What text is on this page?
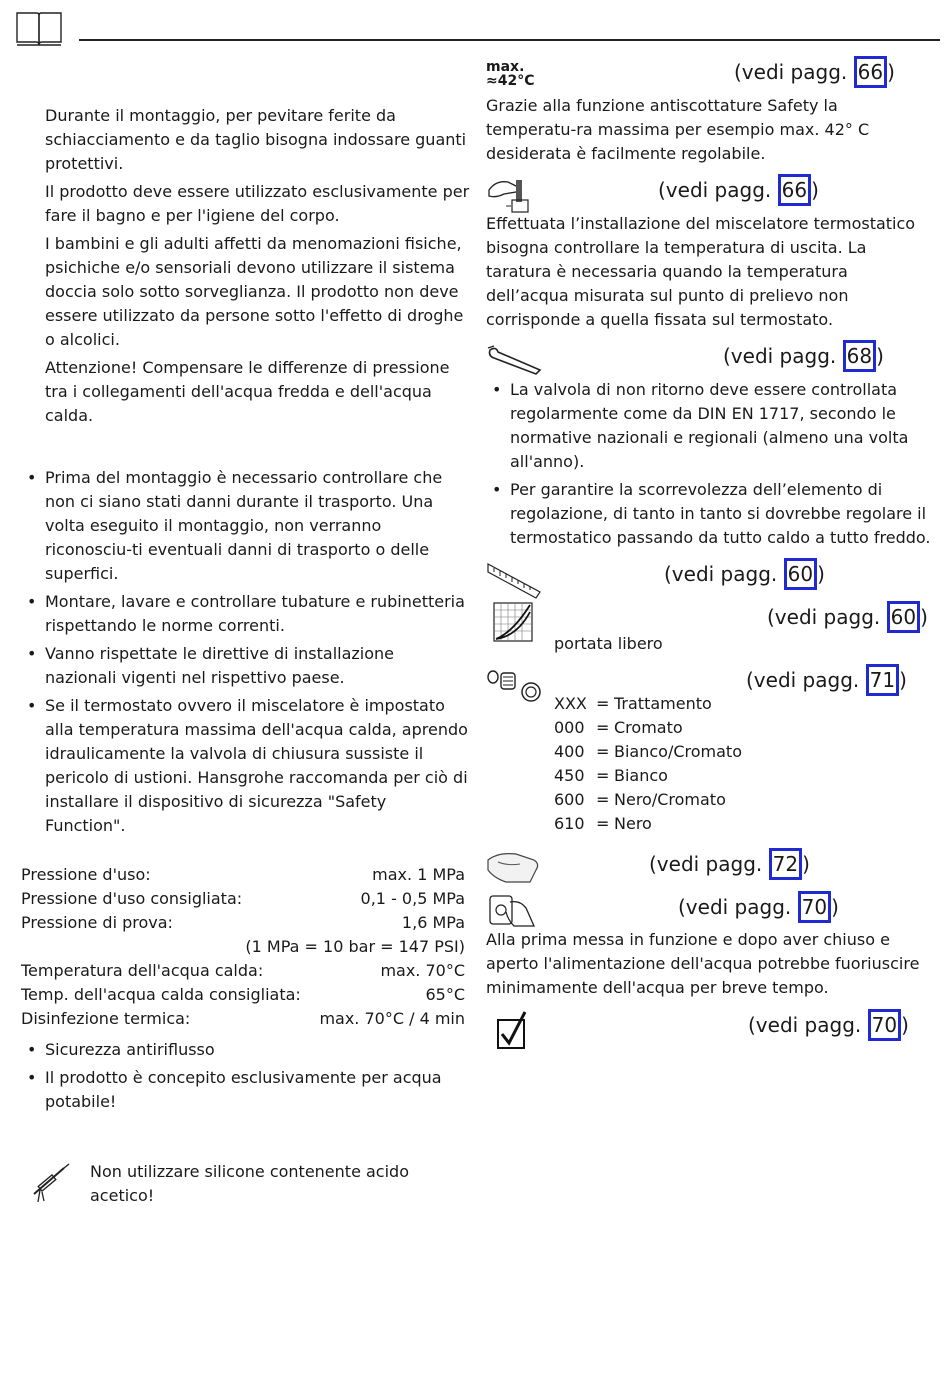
Durante il montaggio, per pevitare ferite da schiacciamento e da taglio bisogna indossare guanti protettivi.

Il prodotto deve essere utilizzato esclusivamente per fare il bagno e per l'igiene del corpo.

I bambini e gli adulti affetti da menomazioni fisiche, psichiche e/o sensoriali devono utilizzare il sistema doccia solo sotto sorveglianza. Il prodotto non deve essere utilizzato da persone sotto l'effetto di droghe o alcolici.

Attenzione! Compensare le differenze di pressione tra i collegamenti dell'acqua fredda e dell'acqua calda.

• Prima del montaggio è necessario controllare che non ci siano stati danni durante il trasporto. Una volta eseguito il montaggio, non verranno riconosciu-ti eventuali danni di trasporto o delle superfici.
• Montare, lavare e controllare tubature e rubinetteria rispettando le norme correnti.
• Vanno rispettate le direttive di installazione nazionali vigenti nel rispettivo paese.
• Se il termostato ovvero il miscelatore è impostato alla temperatura massima dell'acqua calda, aprendo idraulicamente la valvola di chiusura sussiste il pericolo di ustioni. Hansgrohe raccomanda per ciò di installare il dispositivo di sicurezza "Safety Function".
Pressione d'uso:	max. 1 MPa
Pressione d'uso consigliata:	0,1 - 0,5 MPa
Pressione di prova:	1,6 MPa
(1 MPa = 10 bar = 147 PSI)
Temperatura dell'acqua calda:	max. 70°C
Temp. dell'acqua calda consigliata:	65°C
Disinfezione termica:	max. 70°C / 4 min
• Sicurezza antiriflusso
• Il prodotto è concepito esclusivamente per acqua potabile!
Non utilizzare silicone contenente acido acetico!
max.
≈42°C	(vedi pagg. 66 )
Grazie alla funzione antiscottature Safety la temperatu-ra massima per esempio max. 42° C desiderata è facilmente regolabile.
(vedi pagg. 66 )
Effettuata l’installazione del miscelatore termostatico bisogna controllare la temperatura di uscita. La taratura è necessaria quando la temperatura dell’acqua misurata sul punto di prelievo non corrisponde a quella fissata sul termostato.
(vedi pagg. 68 )
• La valvola di non ritorno deve essere controllata regolarmente come da DIN EN 1717, secondo le normative nazionali e regionali (almeno una volta all'anno).
• Per garantire la scorrevolezza dell’elemento di regolazione, di tanto in tanto si dovrebbe regolare il termostatico passando da tutto caldo a tutto freddo.
(vedi pagg. 60 )
(vedi pagg. 60 )
portata libero
(vedi pagg. 71 )
XXX = Trattamento
000 = Cromato
400 = Bianco/Cromato
450 = Bianco
600 = Nero/Cromato
610 = Nero
(vedi pagg. 72 )
(vedi pagg. 70 )
Alla prima messa in funzione e dopo aver chiuso e aperto l'alimentazione dell'acqua potrebbe fuoriuscire minimamente dell'acqua per breve tempo.
(vedi pagg. 70 )
